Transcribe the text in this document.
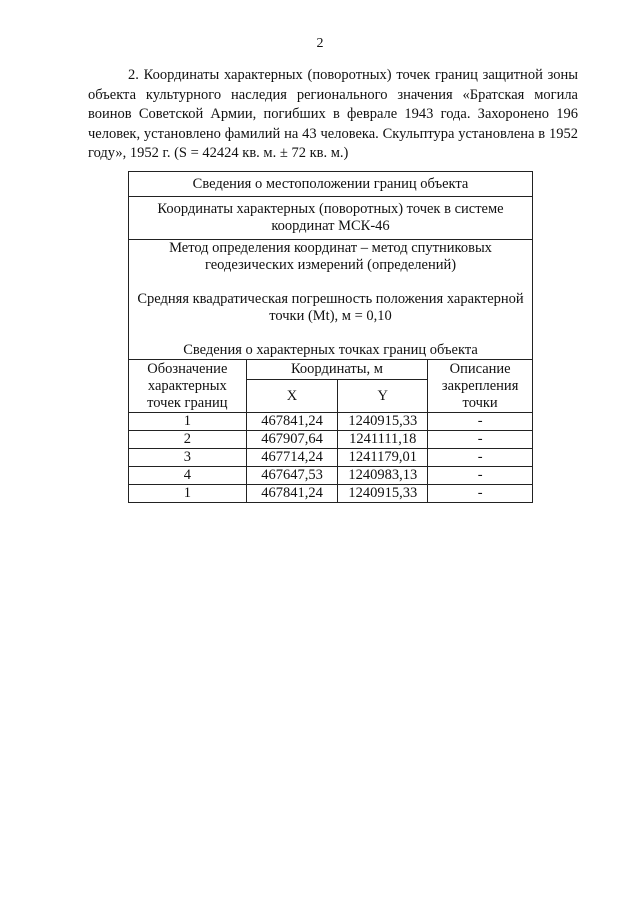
2
2. Координаты характерных (поворотных) точек границ защитной зоны объекта культурного наследия регионального значения «Братская могила воинов Советской Армии, погибших в феврале 1943 года. Захоронено 196 человек, установлено фамилий на 43 человека. Скульптура установлена в 1952 году», 1952 г. (S = 42424 кв. м. ± 72 кв. м.)
Сведения о местоположении границ объекта			
Координаты характерных (поворотных) точек в системе координат МСК-46			

Метод определения координат – метод спутниковых геодезических измерений (определений)

Средняя квадратическая погрешность положения характерной точки (Mt), м = 0,10

Сведения о характерных точках границ объекта			

Обозначение характерных точек границ	Координаты, м		Описание закрепления точки
	X	Y	
1	467841,24	1240915,33	-
2	467907,64	1241111,18	-
3	467714,24	1241179,01	-
4	467647,53	1240983,13	-
1	467841,24	1240915,33	-
